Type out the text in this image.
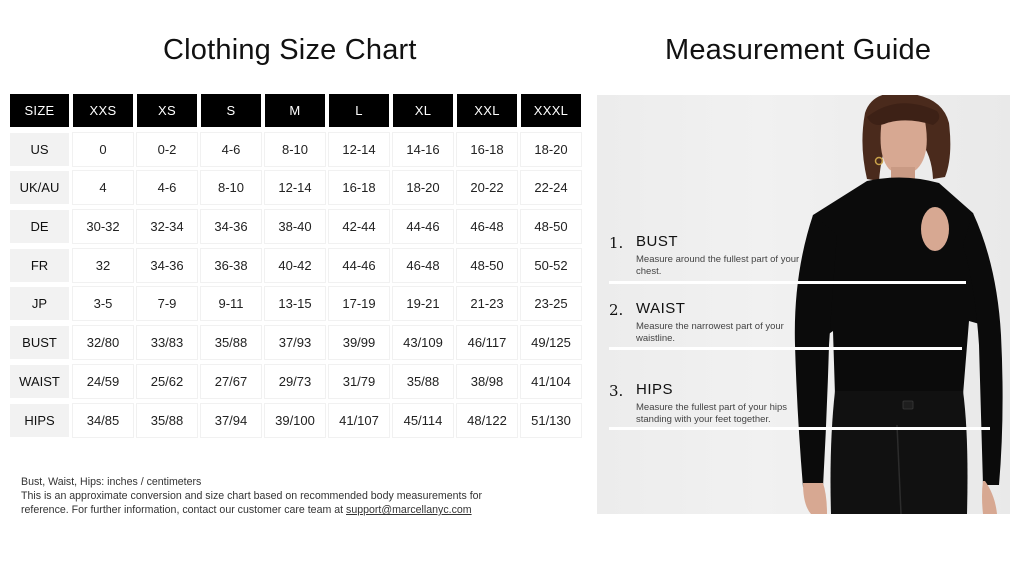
Clothing Size Chart	Measurement Guide
SIZE	XXS	XS	S	M	L	XL	XXL	XXXL
US	0	0-2	4-6	8-10	12-14	14-16	16-18	18-20
UK/AU	4	4-6	8-10	12-14	16-18	18-20	20-22	22-24
DE	30-32	32-34	34-36	38-40	42-44	44-46	46-48	48-50
FR	32	34-36	36-38	40-42	44-46	46-48	48-50	50-52
JP	3-5	7-9	9-11	13-15	17-19	19-21	21-23	23-25
BUST	32/80	33/83	35/88	37/93	39/99	43/109	46/117	49/125
WAIST	24/59	25/62	27/67	29/73	31/79	35/88	38/98	41/104
HIPS	34/85	35/88	37/94	39/100	41/107	45/114	48/122	51/130
Bust, Waist, Hips: inches / centimeters
This is an approximate conversion and size chart based on recommended body measurements for
reference. For further information, contact our customer care team at support@marcellanyc.com
1. BUST
Measure around the fullest part of your chest.
2. WAIST
Measure the narrowest part of your waistline.
3. HIPS
Measure the fullest part of your hips standing with your feet together.
